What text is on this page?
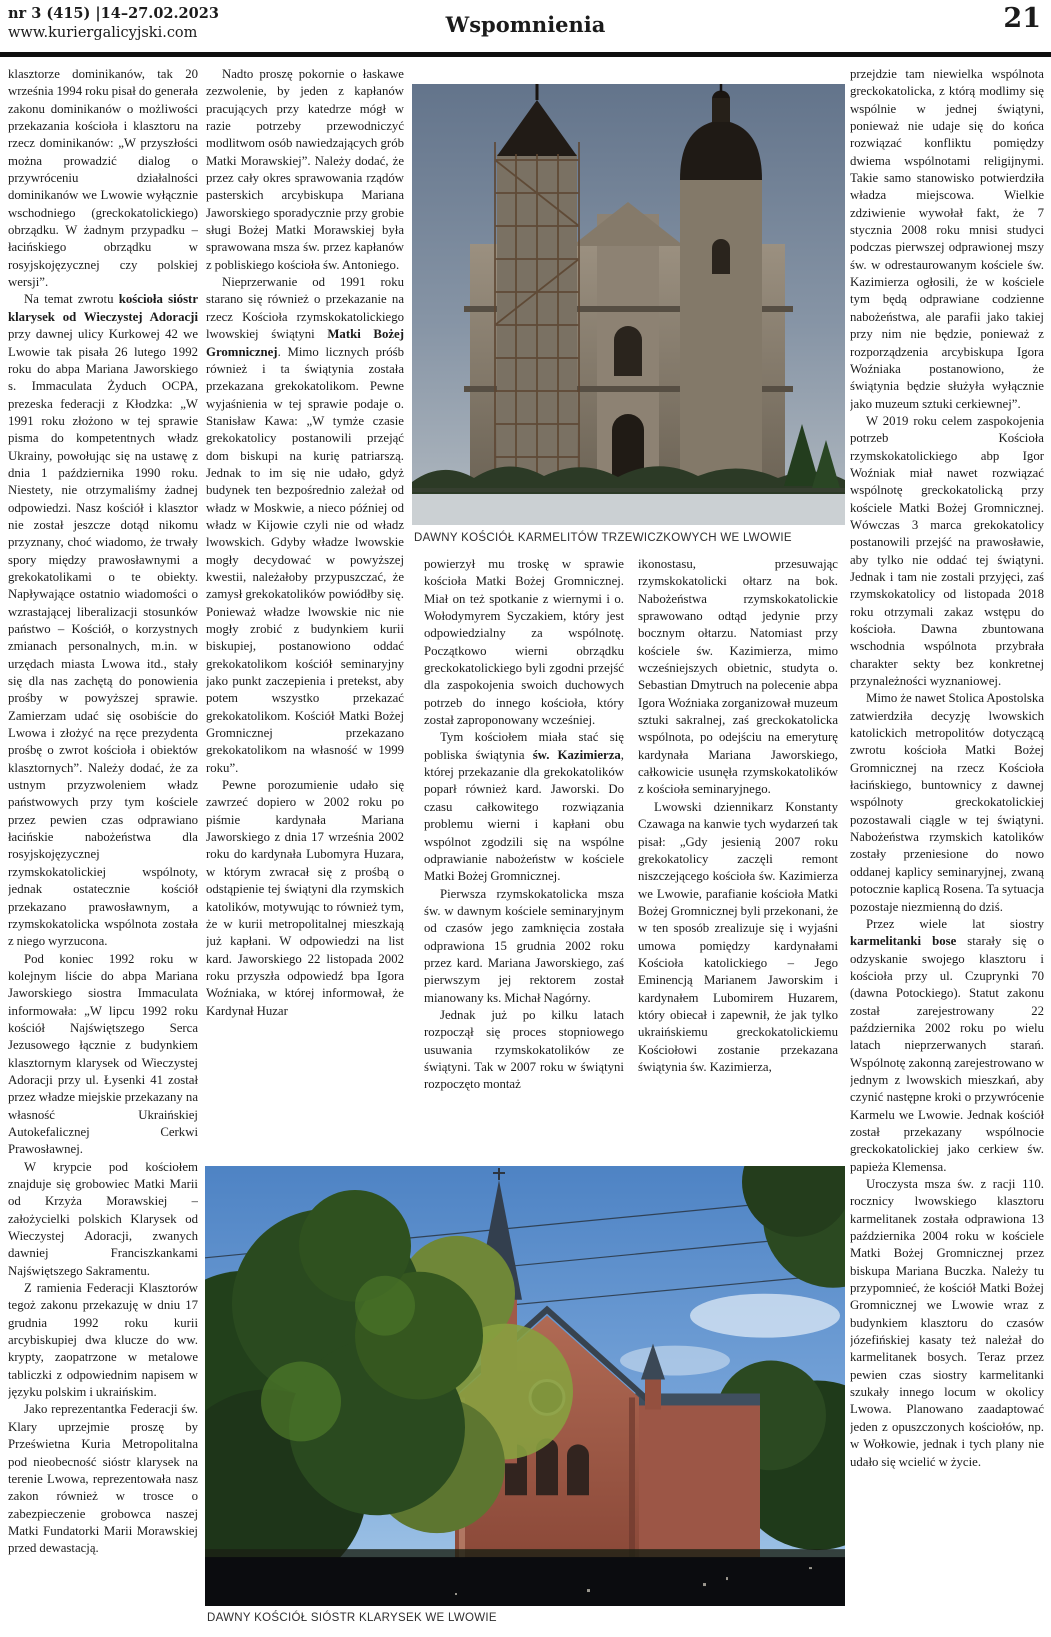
nr 3 (415) |14–27.02.2023
www.kuriergalicyjski.com	Wspomnienia	21

klasztorze dominikanów, tak 20 września 1994 roku pisał do generała zakonu dominikanów o możliwości przekazania kościoła i klasztoru na rzecz dominikanów: „W przyszłości można prowadzić dialog o przywróceniu działalności dominikanów we Lwowie wyłącznie wschodniego (greckokatolickiego) obrządku. W żadnym przypadku – łacińskiego obrządku w rosyjskojęzycznej czy polskiej wersji”.

Na temat zwrotu kościoła sióstr klarysek od Wieczystej Adoracji przy dawnej ulicy Kurkowej 42 we Lwowie tak pisała 26 lutego 1992 roku do abpa Mariana Jaworskiego s. Immaculata Żyduch OCPA, prezeska federacji z Kłodzka: „W 1991 roku złożono w tej sprawie pisma do kompetentnych władz Ukrainy, powołując się na ustawę z dnia 1 października 1990 roku. Niestety, nie otrzymaliśmy żadnej odpowiedzi. Nasz kościół i klasztor nie został jeszcze dotąd nikomu przyznany, choć wiadomo, że trwały spory między prawosławnymi a grekokatolikami o te obiekty. Napływające ostatnio wiadomości o wzrastającej liberalizacji stosunków państwo – Kościół, o korzystnych zmianach personalnych, m.in. w urzędach miasta Lwowa itd., stały się dla nas zachętą do ponowienia prośby w powyższej sprawie. Zamierzam udać się osobiście do Lwowa i złożyć na ręce prezydenta prośbę o zwrot kościoła i obiektów klasztornych”. Należy dodać, że za ustnym przyzwoleniem władz państwowych przy tym kościele przez pewien czas odprawiano łacińskie nabożeństwa dla rosyjskojęzycznej rzymskokatolickiej wspólnoty, jednak ostatecznie kościół przekazano prawosławnym, a rzymskokatolicka wspólnota została z niego wyrzucona.

Pod koniec 1992 roku w kolejnym liście do abpa Mariana Jaworskiego siostra Immaculata informowała: „W lipcu 1992 roku kościół Najświętszego Serca Jezusowego łącznie z budynkiem klasztornym klarysek od Wieczystej Adoracji przy ul. Łysenki 41 został przez władze miejskie przekazany na własność Ukraińskiej Autokefalicznej Cerkwi Prawosławnej.

W krypcie pod kościołem znajduje się grobowiec Matki Marii od Krzyża Morawskiej – założycielki polskich Klarysek od Wieczystej Adoracji, zwanych dawniej Franciszkankami Najświętszego Sakramentu.

Z ramienia Federacji Klasztorów tegoż zakonu przekazuję w dniu 17 grudnia 1992 roku kurii arcybiskupiej dwa klucze do ww. krypty, zaopatrzone w metalowe tabliczki z odpowiednim napisem w języku polskim i ukraińskim.

Jako reprezentantka Federacji św. Klary uprzejmie proszę by Prześwietna Kuria Metropolitalna pod nieobecność sióstr klarysek na terenie Lwowa, reprezentowała nasz zakon również w trosce o zabezpieczenie grobowca naszej Matki Fundatorki Marii Morawskiej przed dewastacją.

Nadto proszę pokornie o łaskawe zezwolenie, by jeden z kapłanów pracujących przy katedrze mógł w razie potrzeby przewodniczyć modlitwom osób nawiedzających grób Matki Morawskiej”. Należy dodać, że przez cały okres sprawowania rządów pasterskich arcybiskupa Mariana Jaworskiego sporadycznie przy grobie sługi Bożej Matki Morawskiej była sprawowana msza św. przez kapłanów z pobliskiego kościoła św. Antoniego.

Nieprzerwanie od 1991 roku starano się również o przekazanie na rzecz Kościoła rzymskokatolickiego lwowskiej świątyni Matki Bożej Gromnicznej. Mimo licznych próśb również i ta świątynia została przekazana grekokatolikom. Pewne wyjaśnienia w tej sprawie podaje o. Stanisław Kawa: „W tymże czasie grekokatolicy postanowili przejąć dom biskupi na kurię patriarszą. Jednak to im się nie udało, gdyż budynek ten bezpośrednio zależał od władz w Moskwie, a nieco później od władz w Kijowie czyli nie od władz lwowskich. Gdyby władze lwowskie mogły decydować w powyższej kwestii, należałoby przypuszczać, że zamysł grekokatolików powiódłby się. Ponieważ władze lwowskie nic nie mogły zrobić z budynkiem kurii biskupiej, postanowiono oddać grekokatolikom kościół seminaryjny jako punkt zaczepienia i pretekst, aby potem wszystko przekazać grekokatolikom. Kościół Matki Bożej Gromnicznej przekazano grekokatolikom na własność w 1999 roku”.

Pewne porozumienie udało się zawrzeć dopiero w 2002 roku po piśmie kardynała Mariana Jaworskiego z dnia 17 września 2002 roku do kardynała Lubomyra Huzara, w którym zwracał się z prośbą o odstąpienie tej świątyni dla rzymskich katolików, motywując to również tym, że w kurii metropolitalnej mieszkają już kapłani. W odpowiedzi na list kard. Jaworskiego 22 listopada 2002 roku przyszła odpowiedź bpa Igora Woźniaka, w której informował, że Kardynał Huzar

powierzył mu troskę w sprawie kościoła Matki Bożej Gromnicznej. Miał on też spotkanie z wiernymi i o. Wołodymyrem Syczakiem, który jest odpowiedzialny za wspólnotę. Początkowo wierni obrządku greckokatolickiego byli zgodni przejść dla zaspokojenia swoich duchowych potrzeb do innego kościoła, który został zaproponowany wcześniej.

Tym kościołem miała stać się pobliska świątynia św. Kazimierza, której przekazanie dla grekokatolików poparł również kard. Jaworski. Do czasu całkowitego rozwiązania problemu wierni i kapłani obu wspólnot zgodzili się na wspólne odprawianie nabożeństw w kościele Matki Bożej Gromnicznej.

Pierwsza rzymskokatolicka msza św. w dawnym kościele seminaryjnym od czasów jego zamknięcia została odprawiona 15 grudnia 2002 roku przez kard. Mariana Jaworskiego, zaś pierwszym jej rektorem został mianowany ks. Michał Nagórny.

Jednak już po kilku latach rozpoczął się proces stopniowego usuwania rzymskokatolików ze świątyni. Tak w 2007 roku w świątyni rozpoczęto montaż

ikonostasu, przesuwając rzymskokatolicki ołtarz na bok. Nabożeństwa rzymskokatolickie sprawowano odtąd jedynie przy bocznym ołtarzu. Natomiast przy kościele św. Kazimierza, mimo wcześniejszych obietnic, studyta o. Sebastian Dmytruch na polecenie abpa Igora Woźniaka zorganizował muzeum sztuki sakralnej, zaś greckokatolicka wspólnota, po odejściu na emeryturę kardynała Mariana Jaworskiego, całkowicie usunęła rzymskokatolików z kościoła seminaryjnego.

Lwowski dziennikarz Konstanty Czawaga na kanwie tych wydarzeń tak pisał: „Gdy jesienią 2007 roku grekokatolicy zaczęli remont niszczejącego kościoła św. Kazimierza we Lwowie, parafianie kościoła Matki Bożej Gromnicznej byli przekonani, że w ten sposób zrealizuje się i wyjaśni umowa pomiędzy kardynałami Kościoła katolickiego – Jego Eminencją Marianem Jaworskim i kardynałem Lubomirem Huzarem, który obiecał i zapewnił, że jak tylko ukraińskiemu greckokatolickiemu Kościołowi zostanie przekazana świątynia św. Kazimierza,

przejdzie tam niewielka wspólnota greckokatolicka, z którą modlimy się wspólnie w jednej świątyni, ponieważ nie udaje się do końca rozwiązać konfliktu pomiędzy dwiema wspólnotami religijnymi. Takie samo stanowisko potwierdziła władza miejscowa. Wielkie zdziwienie wywołał fakt, że 7 stycznia 2008 roku mnisi studyci podczas pierwszej odprawionej mszy św. w odrestaurowanym kościele św. Kazimierza ogłosili, że w kościele tym będą odprawiane codzienne nabożeństwa, ale parafii jako takiej przy nim nie będzie, ponieważ z rozporządzenia arcybiskupa Igora Woźniaka postanowiono, że świątynia będzie służyła wyłącznie jako muzeum sztuki cerkiewnej”.

W 2019 roku celem zaspokojenia potrzeb Kościoła rzymskokatolickiego abp Igor Woźniak miał nawet rozwiązać wspólnotę greckokatolicką przy kościele Matki Bożej Gromnicznej. Wówczas 3 marca grekokatolicy postanowili przejść na prawosławie, aby tylko nie oddać tej świątyni. Jednak i tam nie zostali przyjęci, zaś rzymskokatolicy od listopada 2018 roku otrzymali zakaz wstępu do kościoła. Dawna zbuntowana wschodnia wspólnota przybrała charakter sekty bez konkretnej przynależności wyznaniowej.

Mimo że nawet Stolica Apostolska zatwierdziła decyzję lwowskich katolickich metropolitów dotyczącą zwrotu kościoła Matki Bożej Gromnicznej na rzecz Kościoła łacińskiego, buntownicy z dawnej wspólnoty greckokatolickiej pozostawali ciągle w tej świątyni. Nabożeństwa rzymskich katolików zostały przeniesione do nowo oddanej kaplicy seminaryjnej, zwaną potocznie kaplicą Rosena. Ta sytuacja pozostaje niezmienną do dziś.

Przez wiele lat siostry karmelitanki bose starały się o odzyskanie swojego klasztoru i kościoła przy ul. Czuprynki 70 (dawna Potockiego). Statut zakonu został zarejestrowany 22 października 2002 roku po wielu latach nieprzerwanych starań. Wspólnotę zakonną zarejestrowano w jednym z lwowskich mieszkań, aby czynić następne kroki o przywrócenie Karmelu we Lwowie. Jednak kościół został przekazany wspólnocie greckokatolickiej jako cerkiew św. papieża Klemensa.

Uroczysta msza św. z racji 110. rocznicy lwowskiego klasztoru karmelitanek została odprawiona 13 października 2004 roku w kościele Matki Bożej Gromnicznej przez biskupa Mariana Buczka. Należy tu przypomnieć, że kościół Matki Bożej Gromnicznej we Lwowie wraz z budynkiem klasztoru do czasów józefińskiej kasaty też należał do karmelitanek bosych. Teraz przez pewien czas siostry karmelitanki szukały innego locum w okolicy Lwowa. Planowano zaadaptować jeden z opuszczonych kościołów, np. w Wołkowie, jednak i tych plany nie udało się wcielić w życie.

DAWNY KOŚCIÓŁ KARMELITÓW TRZEWICZKOWYCH WE LWOWIE
DAWNY KOŚCIÓŁ SIÓSTR KLARYSEK WE LWOWIE
